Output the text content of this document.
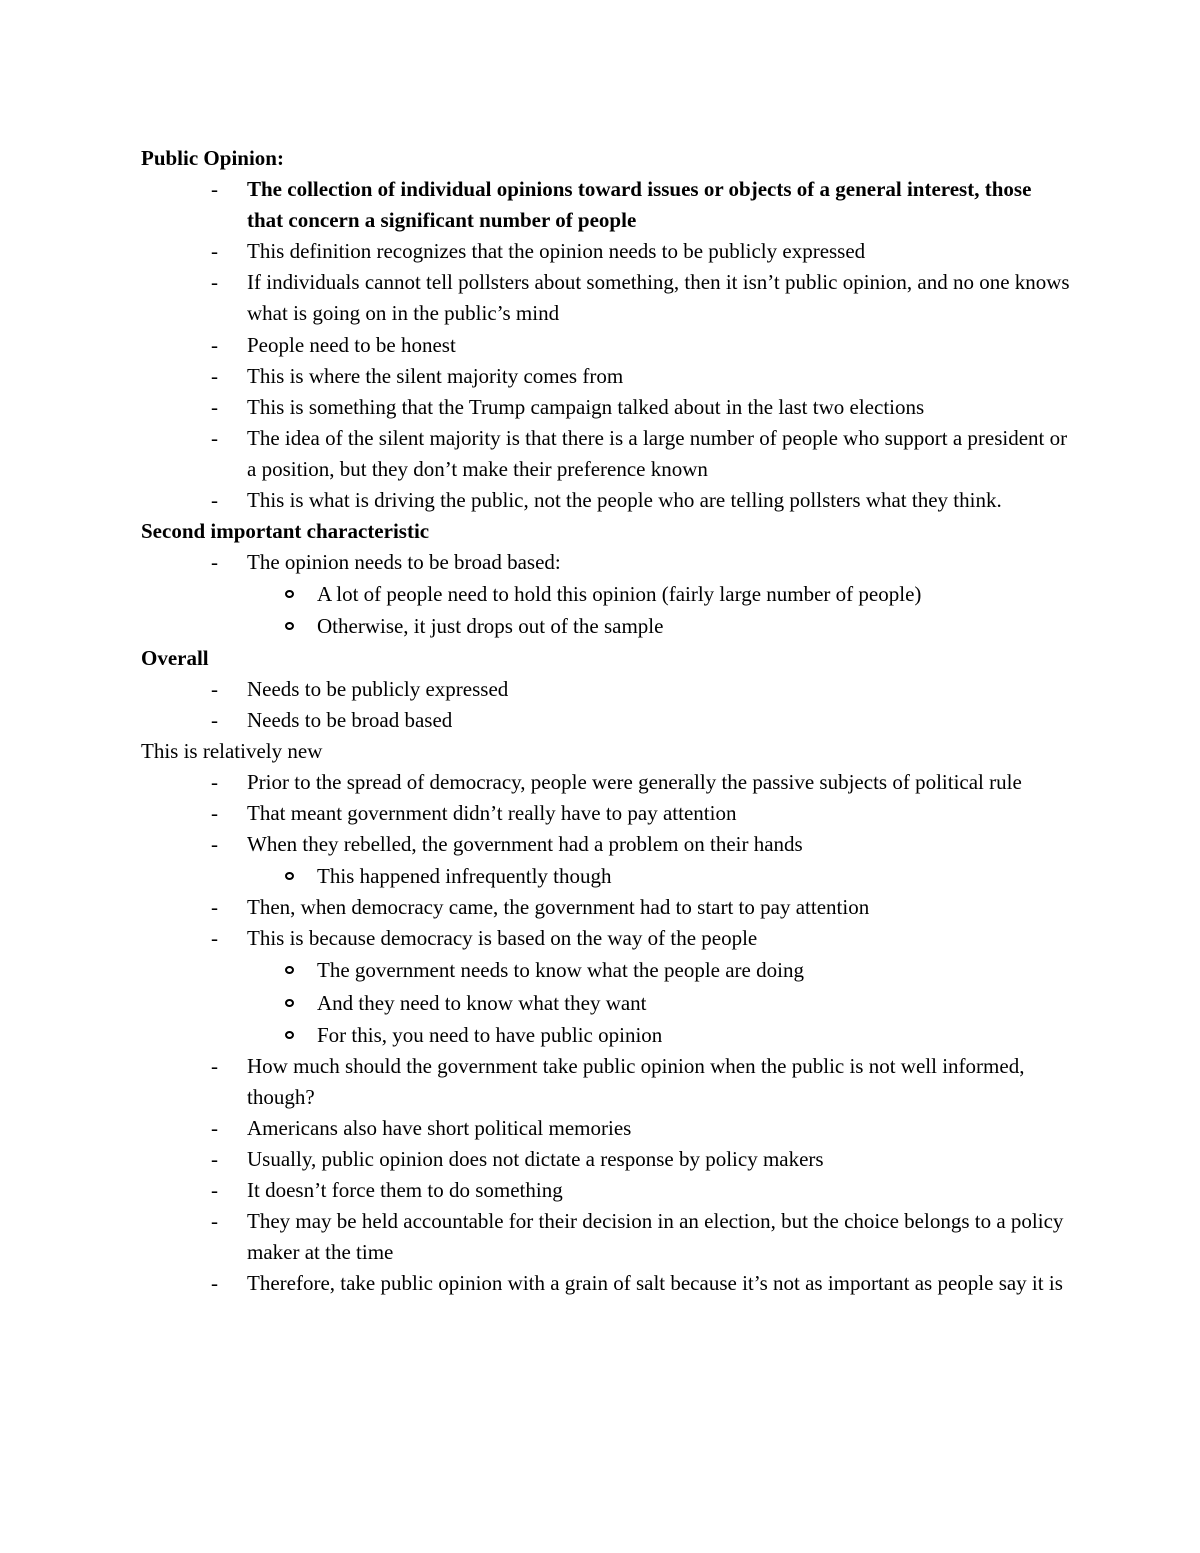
Public Opinion:

- The collection of individual opinions toward issues or objects of a general interest, those that concern a significant number of people
- This definition recognizes that the opinion needs to be publicly expressed
- If individuals cannot tell pollsters about something, then it isn’t public opinion, and no one knows what is going on in the public’s mind
- People need to be honest
- This is where the silent majority comes from
- This is something that the Trump campaign talked about in the last two elections
- The idea of the silent majority is that there is a large number of people who support a president or a position, but they don’t make their preference known
- This is what is driving the public, not the people who are telling pollsters what they think.

Second important characteristic

- The opinion needs to be broad based:
A lot of people need to hold this opinion (fairly large number of people)
Otherwise, it just drops out of the sample

Overall

- Needs to be publicly expressed
- Needs to be broad based

This is relatively new

- Prior to the spread of democracy, people were generally the passive subjects of political rule
- That meant government didn’t really have to pay attention
- When they rebelled, the government had a problem on their hands
This happened infrequently though
- Then, when democracy came, the government had to start to pay attention
- This is because democracy is based on the way of the people
The government needs to know what the people are doing
And they need to know what they want
For this, you need to have public opinion
- How much should the government take public opinion when the public is not well informed, though?
- Americans also have short political memories
- Usually, public opinion does not dictate a response by policy makers
- It doesn’t force them to do something
- They may be held accountable for their decision in an election, but the choice belongs to a policy maker at the time
- Therefore, take public opinion with a grain of salt because it’s not as important as people say it is
